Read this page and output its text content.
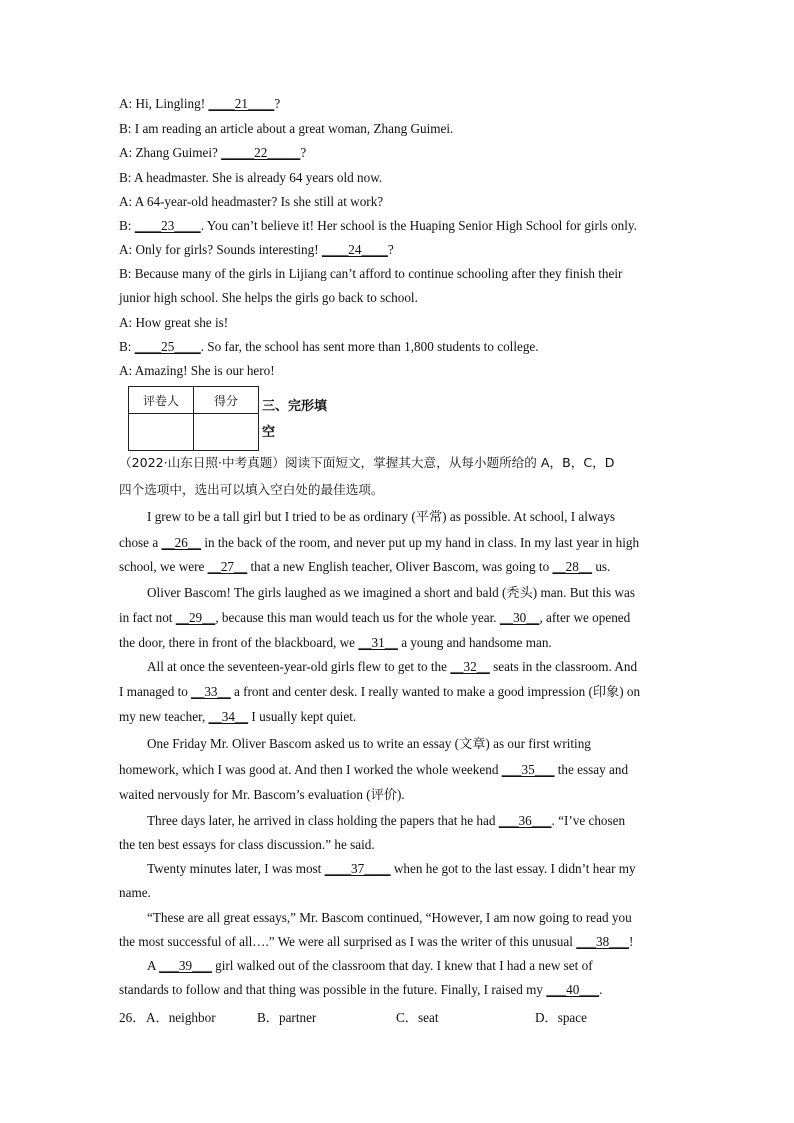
A: Hi, Lingling! ____21____?
B: I am reading an article about a great woman, Zhang Guimei.
A: Zhang Guimei? _____22_____?
B: A headmaster. She is already 64 years old now.
A: A 64-year-old headmaster? Is she still at work?
B: ____23____. You can’t believe it! Her school is the Huaping Senior High School for girls only.
A: Only for girls? Sounds interesting! ____24____?
B: Because many of the girls in Lijiang can’t afford to continue schooling after they finish their
junior high school. She helps the girls go back to school.
A: How great she is!
B: ____25____. So far, the school has sent more than 1,800 students to college.
A: Amazing! She is our hero!
评卷人	得分
	三、完形填
空
（2022·山东日照·中考真题）阅读下面短文，掌握其大意，从每小题所给的 A，B，C，D
四个选项中，选出可以填入空白处的最佳选项。
I grew to be a tall girl but I tried to be as ordinary (平常) as possible. At school, I always
chose a __26__ in the back of the room, and never put up my hand in class. In my last year in high
school, we were __27__ that a new English teacher, Oliver Bascom, was going to __28__ us.
Oliver Bascom! The girls laughed as we imagined a short and bald (秃头) man. But this was
in fact not __29__, because this man would teach us for the whole year. __30__, after we opened
the door, there in front of the blackboard, we __31__ a young and handsome man.
All at once the seventeen-year-old girls flew to get to the __32__ seats in the classroom. And
I managed to __33__ a front and center desk. I really wanted to make a good impression (印象) on
my new teacher, __34__ I usually kept quiet.
One Friday Mr. Oliver Bascom asked us to write an essay (文章) as our first writing
homework, which I was good at. And then I worked the whole weekend ___35___ the essay and
waited nervously for Mr. Bascom’s evaluation (评价).
Three days later, he arrived in class holding the papers that he had ___36___. “I’ve chosen
the ten best essays for class discussion.” he said.
Twenty minutes later, I was most ____37____ when he got to the last essay. I didn’t hear my
name.
“These are all great essays,” Mr. Bascom continued, “However, I am now going to read you
the most successful of all….” We were all surprised as I was the writer of this unusual ___38___!
A ___39___ girl walked out of the classroom that day. I knew that I had a new set of
standards to follow and that thing was possible in the future. Finally, I raised my ___40___.
26． A．neighbor	B．partner	C．seat	D．space
